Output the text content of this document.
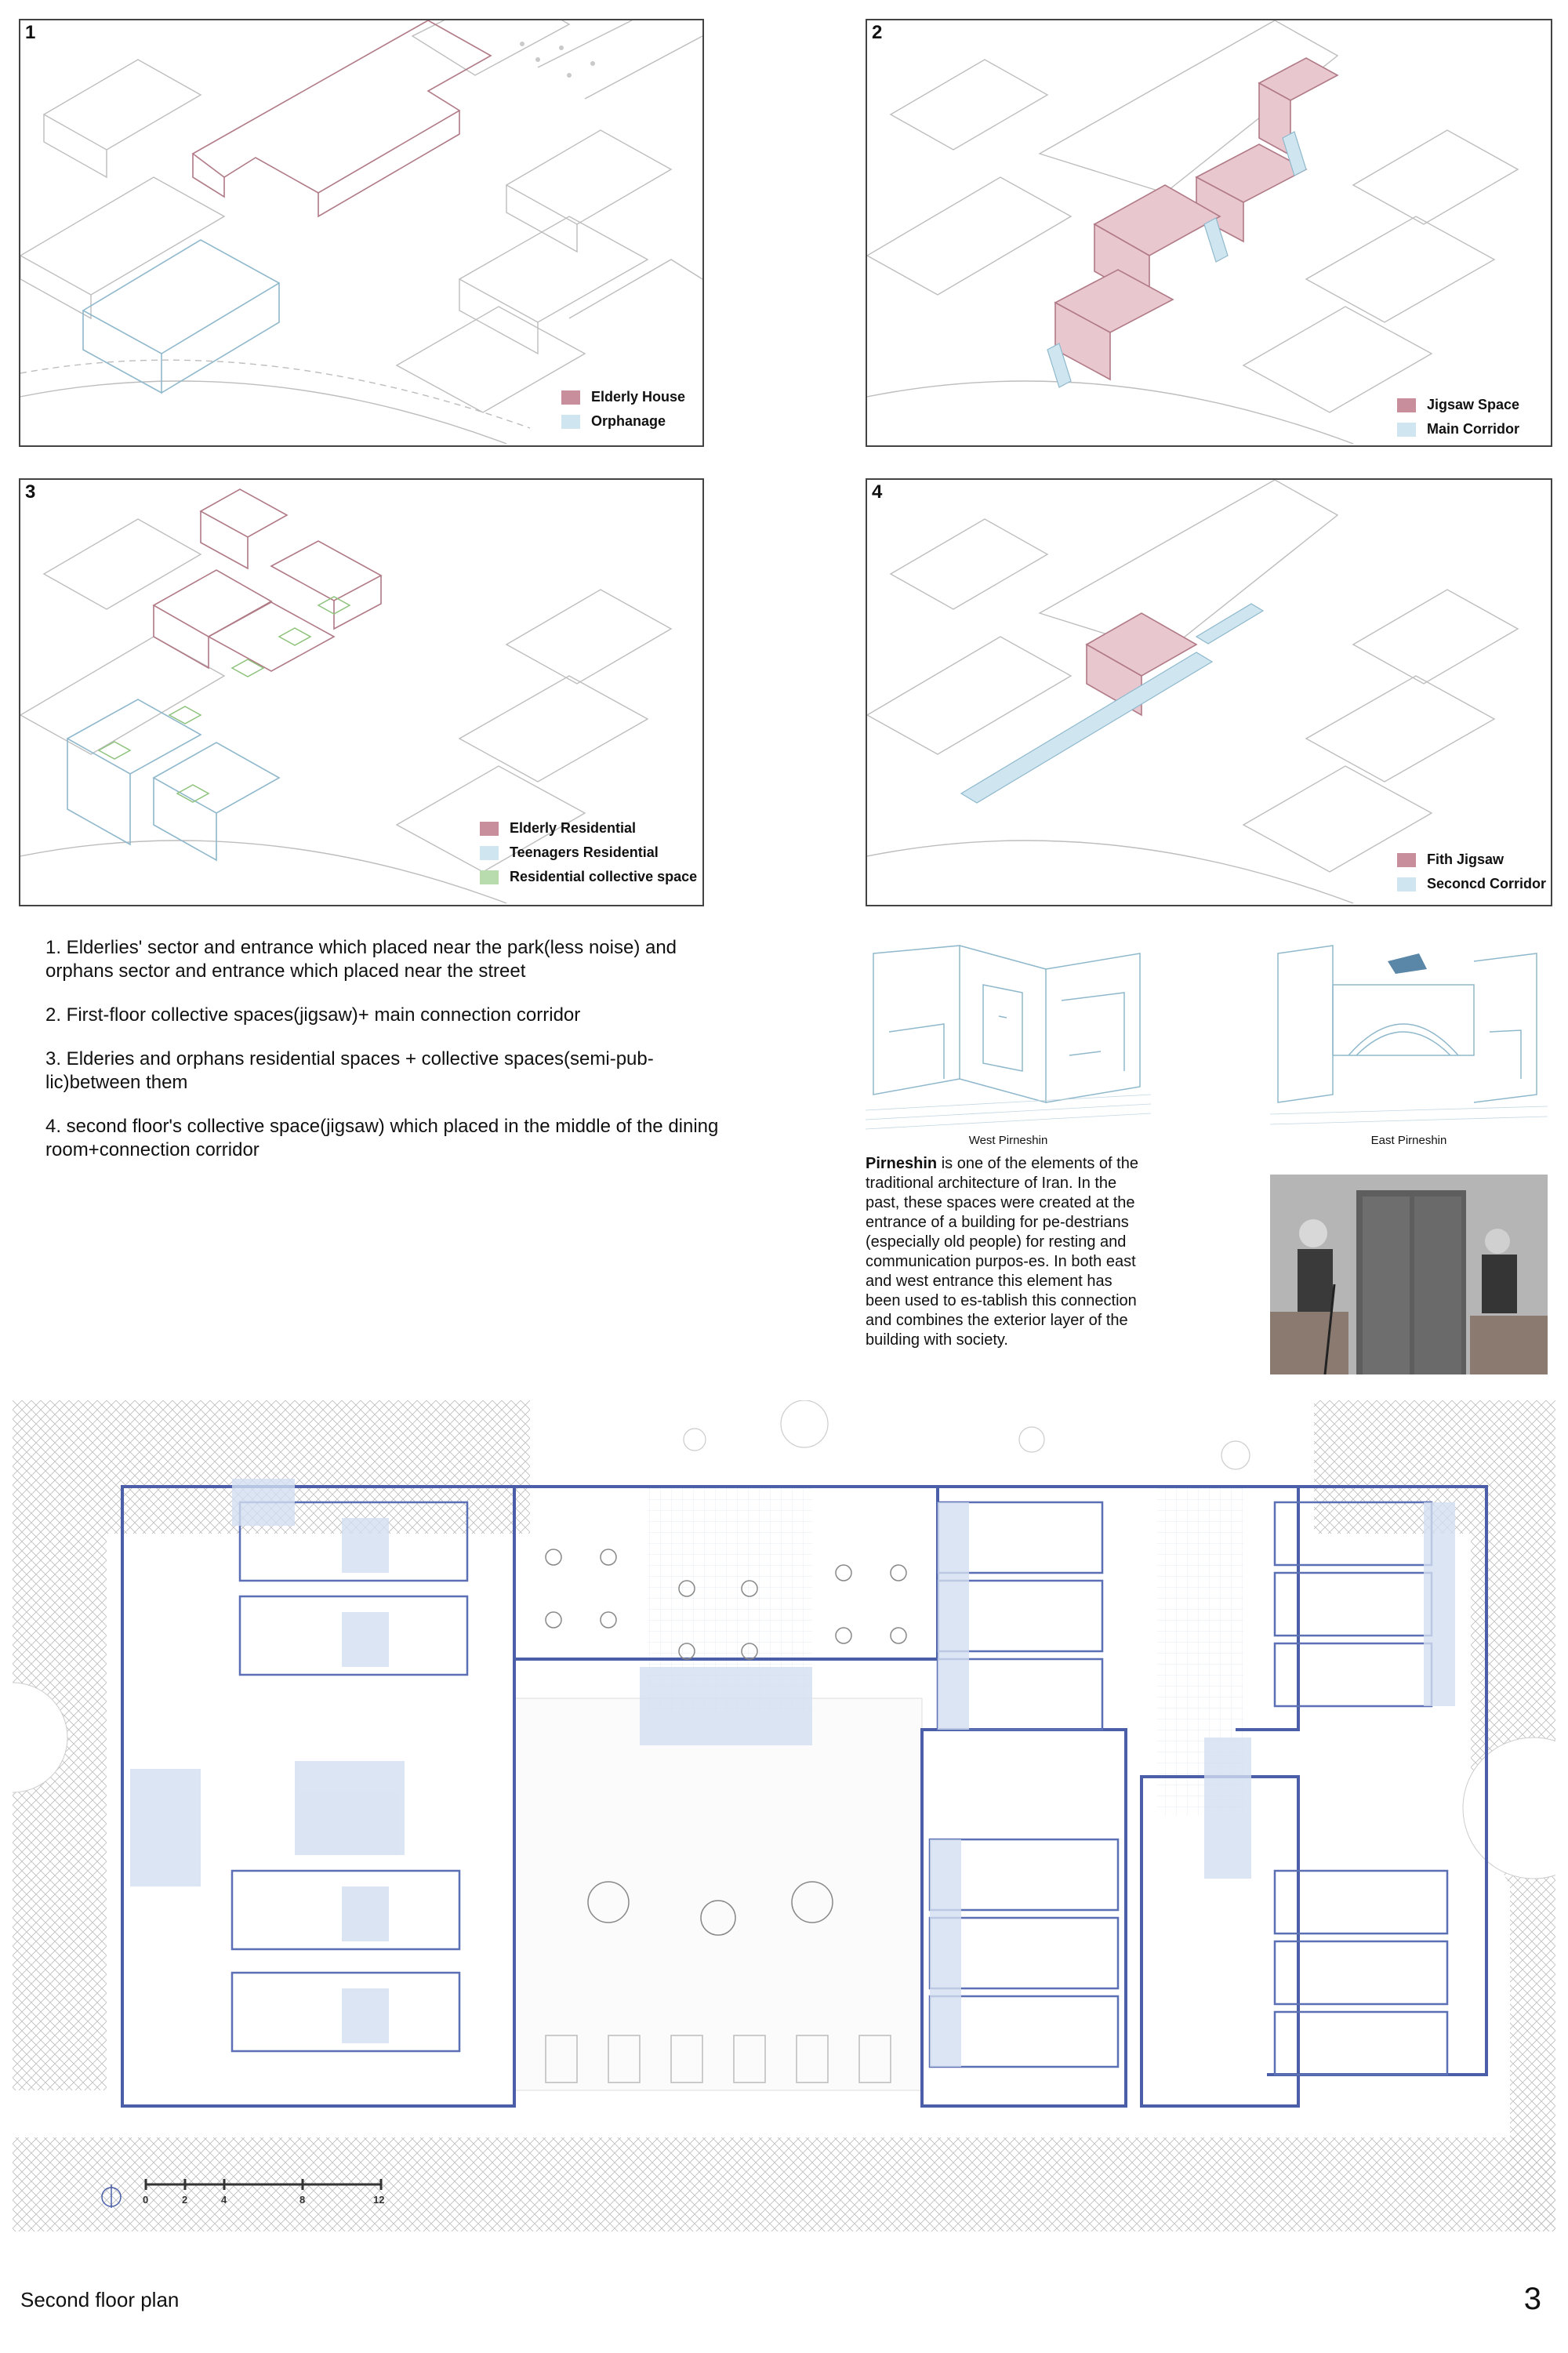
1
Elderly House
Orphanage
2
Jigsaw Space
Main Corridor
3
Elderly Residential
Teenagers Residential
Residential collective space
4
Fith Jigsaw
Seconcd Corridor

1. Elderlies' sector and entrance which placed near the park(less noise) and orphans sector and entrance which placed near the street

2. First-floor collective spaces(jigsaw)+ main connection corridor

3. Elderies and orphans residential spaces + collective spaces(semi-pub-lic)between them

4. second floor's collective space(jigsaw) which placed in the middle of the dining room+connection corridor	West Pirneshin	East Pirneshin
Pirneshin is one of the elements of the traditional architecture of Iran. In the past, these spaces were created at the entrance of a building for pe-destrians (especially old people) for resting and communication purpos-es. In both east and west entrance this element has been used to es-tablish this connection and combines the exterior layer of the building with society.
0	2	4	8	12
Second floor plan	3
